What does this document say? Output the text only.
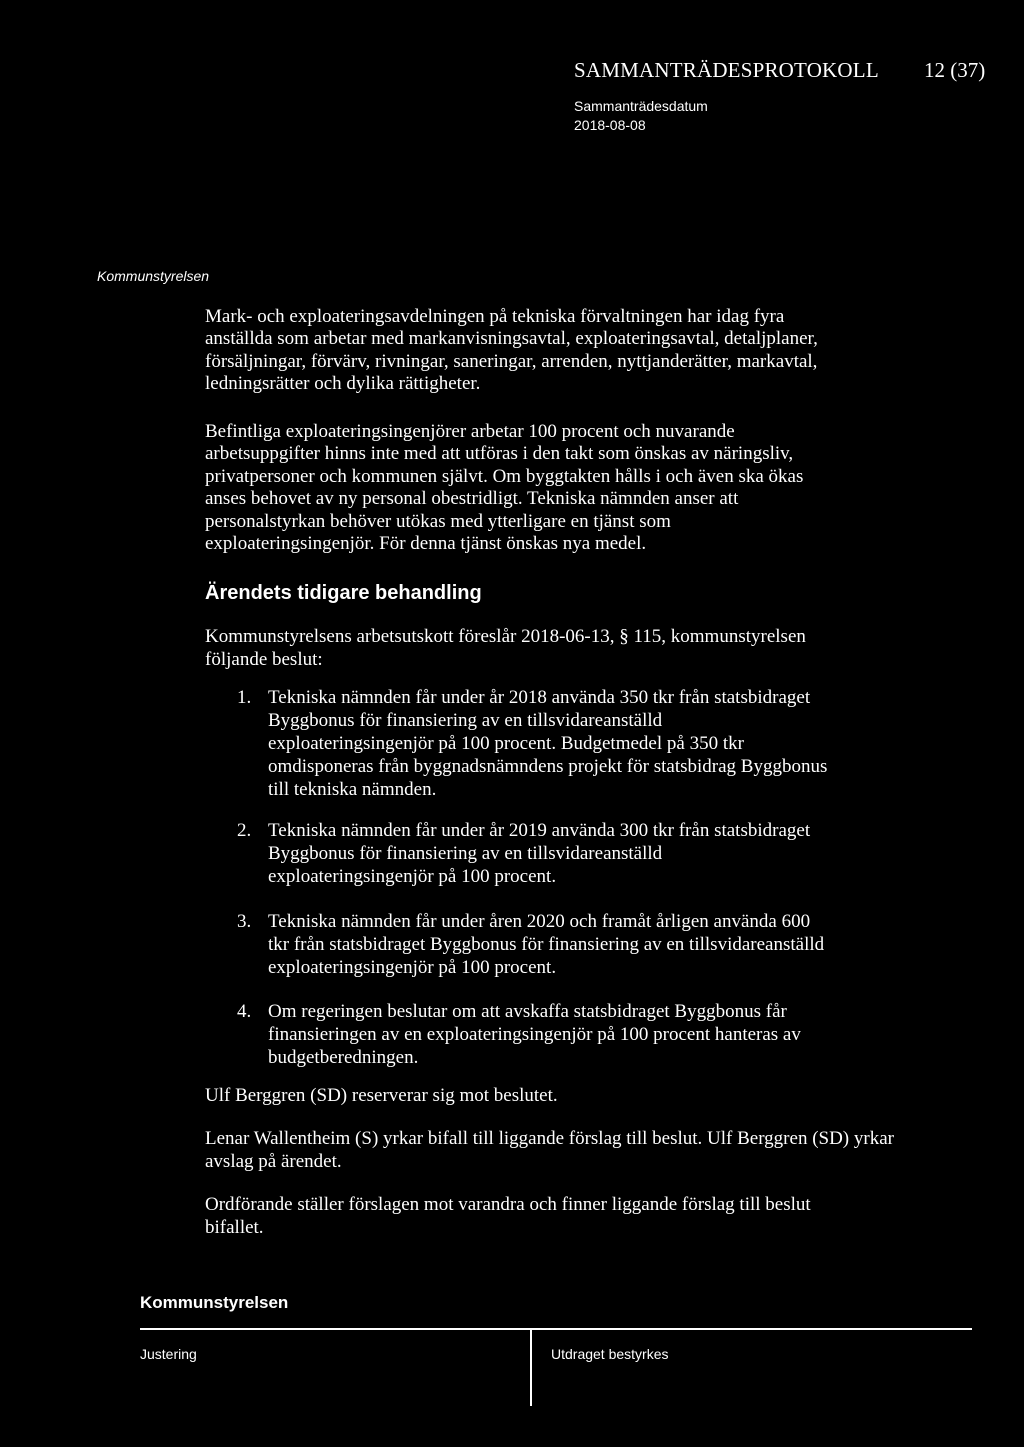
SAMMANTRÄDESPROTOKOLL 12 (37)
Sammanträdesdatum
2018-08-08
Kommunstyrelsen
Mark- och exploateringsavdelningen på tekniska förvaltningen har idag fyra anställda som arbetar med markanvisningsavtal, exploateringsavtal, detaljplaner, försäljningar, förvärv, rivningar, saneringar, arrenden, nyttjanderätter, markavtal, ledningsrätter och dylika rättigheter.
Befintliga exploateringsingenjörer arbetar 100 procent och nuvarande arbetsuppgifter hinns inte med att utföras i den takt som önskas av näringsliv, privatpersoner och kommunen självt. Om byggtakten hålls i och även ska ökas anses behovet av ny personal obestridligt. Tekniska nämnden anser att personalstyrkan behöver utökas med ytterligare en tjänst som exploateringsingenjör. För denna tjänst önskas nya medel.
Ärendets tidigare behandling
Kommunstyrelsens arbetsutskott föreslår 2018-06-13, § 115, kommunstyrelsen följande beslut:
1. Tekniska nämnden får under år 2018 använda 350 tkr från statsbidraget Byggbonus för finansiering av en tillsvidareanställd exploateringsingenjör på 100 procent. Budgetmedel på 350 tkr omdisponeras från byggnadsnämndens projekt för statsbidrag Byggbonus till tekniska nämnden.
2. Tekniska nämnden får under år 2019 använda 300 tkr från statsbidraget Byggbonus för finansiering av en tillsvidareanställd exploateringsingenjör på 100 procent.
3. Tekniska nämnden får under åren 2020 och framåt årligen använda 600 tkr från statsbidraget Byggbonus för finansiering av en tillsvidareanställd exploateringsingenjör på 100 procent.
4. Om regeringen beslutar om att avskaffa statsbidraget Byggbonus får finansieringen av en exploateringsingenjör på 100 procent hanteras av budgetberedningen.
Ulf Berggren (SD) reserverar sig mot beslutet.
Lenar Wallentheim (S) yrkar bifall till liggande förslag till beslut. Ulf Berggren (SD) yrkar avslag på ärendet.
Ordförande ställer förslagen mot varandra och finner liggande förslag till beslut bifallet.
Kommunstyrelsen
Justering	Utdraget bestyrkes
